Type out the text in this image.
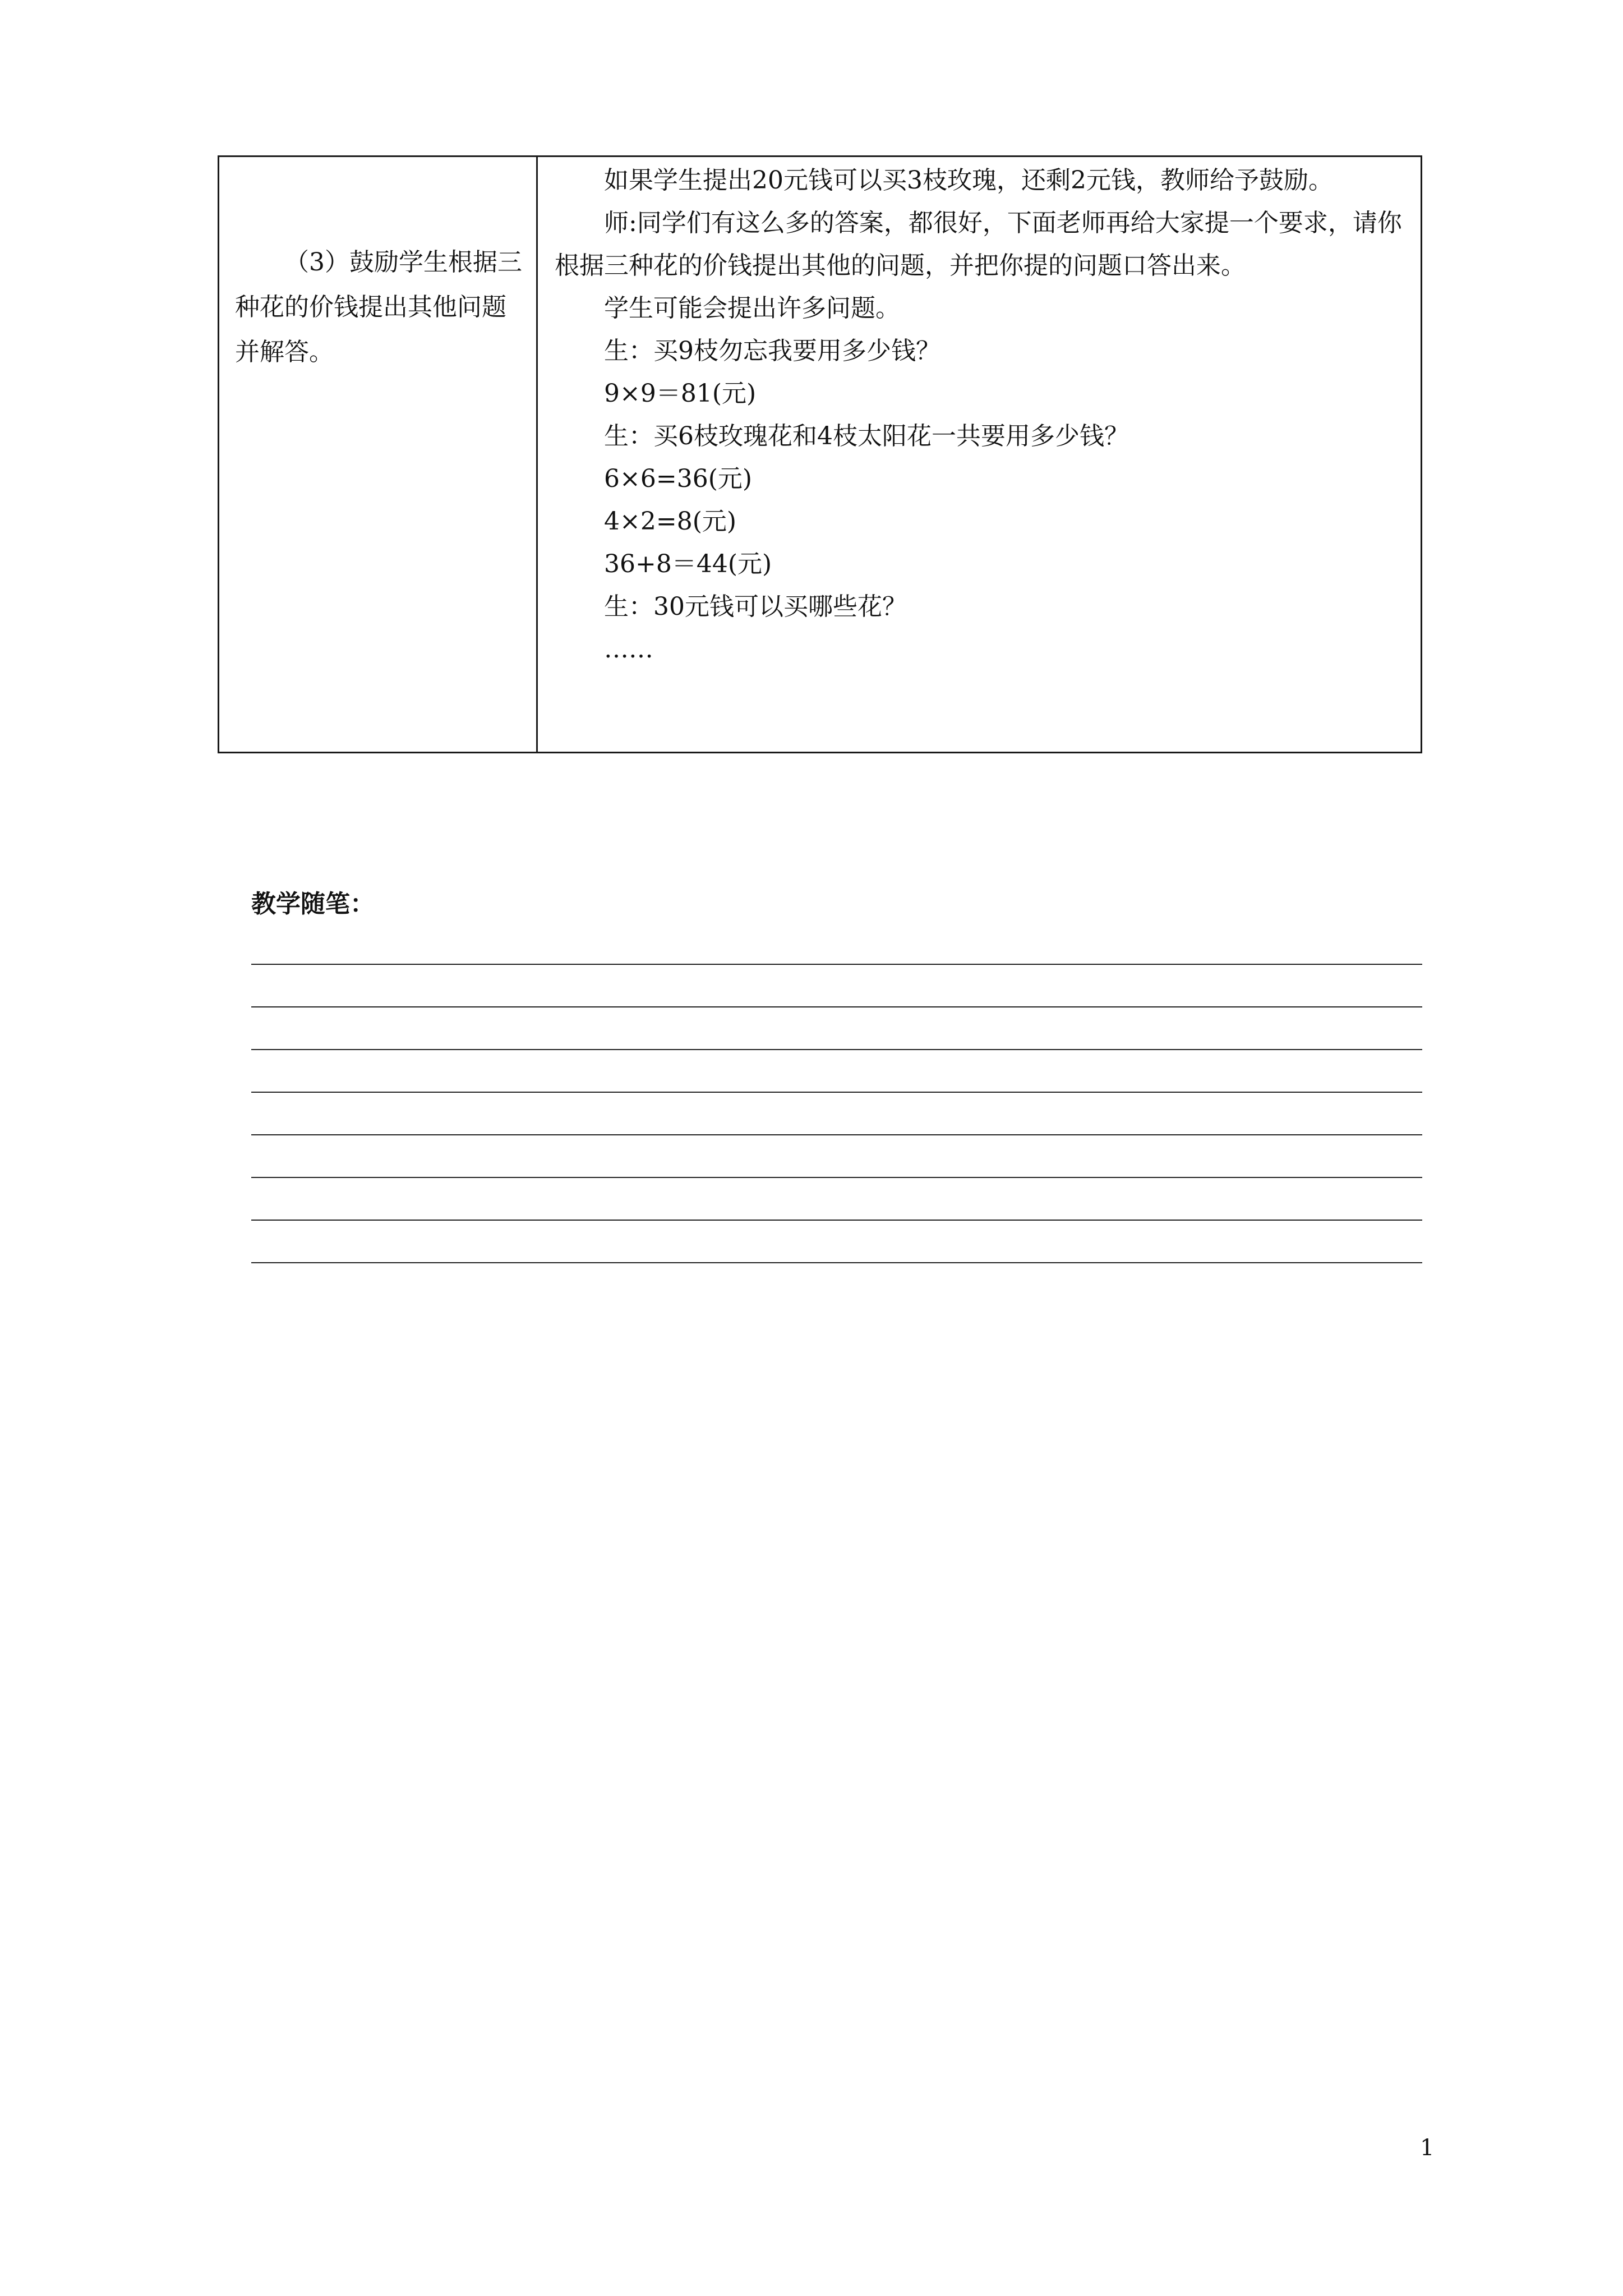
（3）鼓励学生根据三种花的价钱提出其他问题并解答。

如果学生提出20元钱可以买3枝玫瑰，还剩2元钱，教师给予鼓励。

师:同学们有这么多的答案，都很好，下面老师再给大家提一个要求，请你根据三种花的价钱提出其他的问题，并把你提的问题口答出来。

学生可能会提出许多问题。

生：买9枝勿忘我要用多少钱？

9×9＝81(元)

生：买6枝玫瑰花和4枝太阳花一共要用多少钱？

6×6=36(元)

4×2=8(元)

36+8＝44(元)

生：30元钱可以买哪些花？

……

教学随笔：
1
